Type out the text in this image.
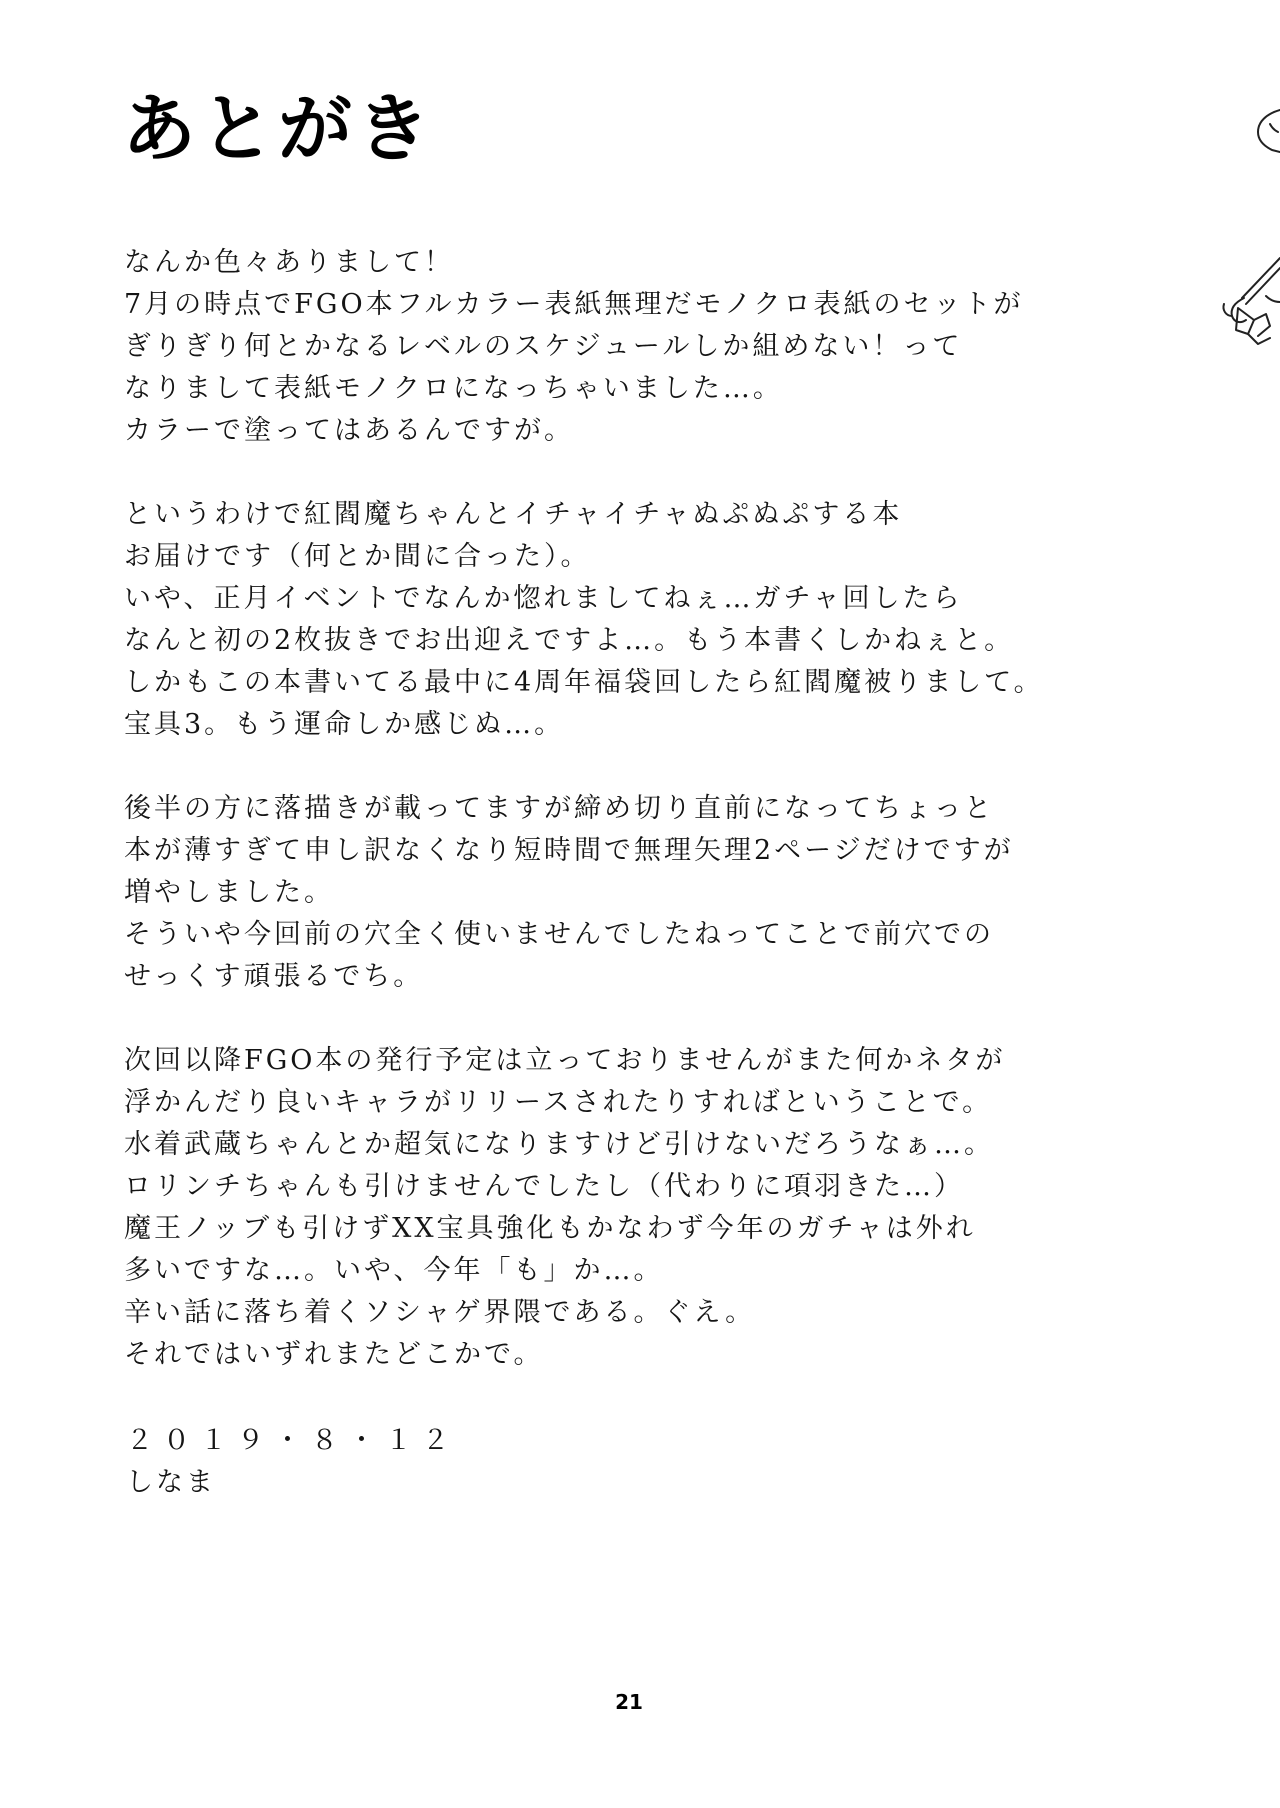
あとがき
なんか色々ありまして！
7月の時点でFGO本フルカラー表紙無理だモノクロ表紙のセットが
ぎりぎり何とかなるレベルのスケジュールしか組めない！って
なりまして表紙モノクロになっちゃいました…。
カラーで塗ってはあるんですが。
というわけで紅閻魔ちゃんとイチャイチャぬぷぬぷする本
お届けです（何とか間に合った）。
いや、正月イベントでなんか惚れましてねぇ…ガチャ回したら
なんと初の2枚抜きでお出迎えですよ…。もう本書くしかねぇと。
しかもこの本書いてる最中に4周年福袋回したら紅閻魔被りまして。
宝具3。もう運命しか感じぬ…。
後半の方に落描きが載ってますが締め切り直前になってちょっと
本が薄すぎて申し訳なくなり短時間で無理矢理2ページだけですが
増やしました。
そういや今回前の穴全く使いませんでしたねってことで前穴での
せっくす頑張るでち。
次回以降FGO本の発行予定は立っておりませんがまた何かネタが
浮かんだり良いキャラがリリースされたりすればということで。
水着武蔵ちゃんとか超気になりますけど引けないだろうなぁ…。
ロリンチちゃんも引けませんでしたし（代わりに項羽きた…）
魔王ノッブも引けずXX宝具強化もかなわず今年のガチャは外れ
多いですな…。いや、今年「も」か…。
辛い話に落ち着くソシャゲ界隈である。ぐえ。
それではいずれまたどこかで。
２０１９・８・１２
しなま
21
